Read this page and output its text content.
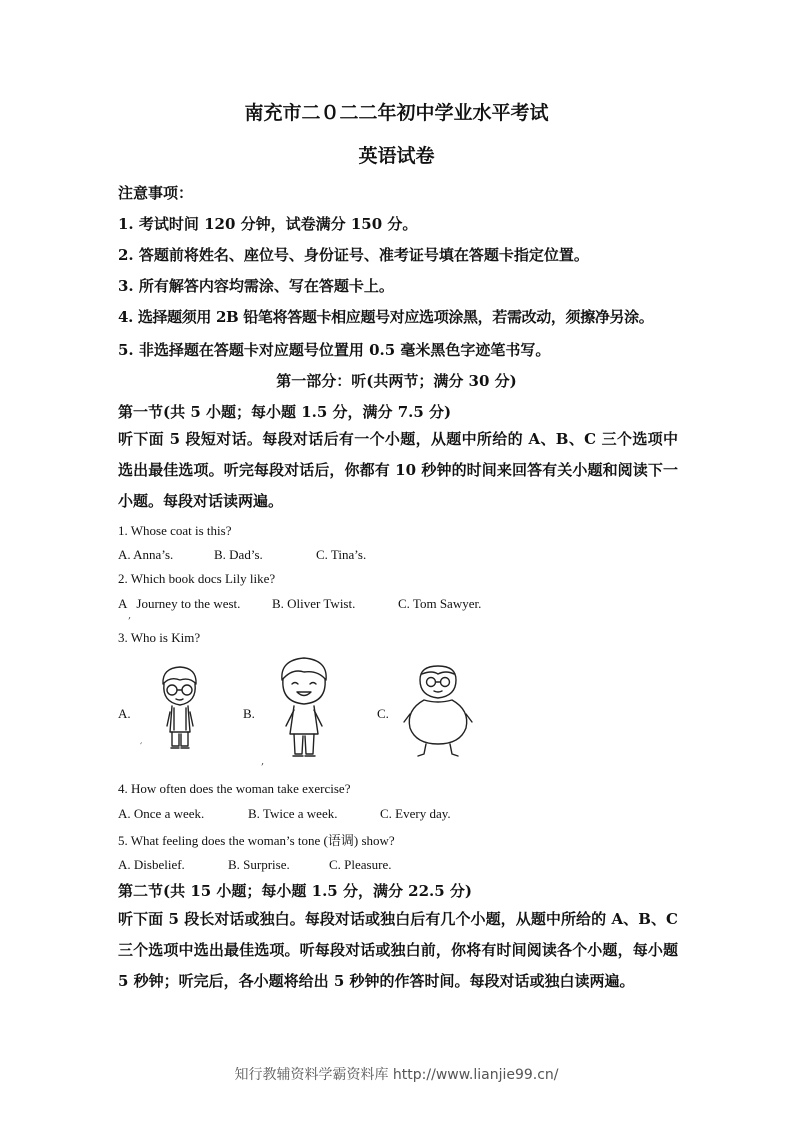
南充市二０二二年初中学业水平考试
英语试卷
注意事项：
1. 考试时间 120 分钟，试卷满分 150 分。
2. 答题前将姓名、座位号、身份证号、准考证号填在答题卡指定位置。
3. 所有解答内容均需涂、写在答题卡上。
4. 选择题须用 2B 铅笔将答题卡相应题号对应选项涂黑，若需改动，须擦净另涂。
5. 非选择题在答题卡对应题号位置用 0.5 毫米黑色字迹笔书写。
第一部分：听(共两节；满分 30 分)
第一节(共 5 小题；每小题 1.5 分，满分 7.5 分)
听下面 5 段短对话。每段对话后有一个小题，从题中所给的 A、B、C 三个选项中选出最佳选项。听完每段对话后，你都有 10 秒钟的时间来回答有关小题和阅读下一小题。每段对话读两遍。
1. Whose coat is this?
A. Anna’s.	B. Dad’s.	C. Tina’s.
2. Which book docs Lily like?
A   Journey to the west. B. Oliver Twist.	C. Tom Sawyer.
,
3. Who is Kim?
A.	B.	C.
′
,
4. How often does the woman take exercise?
A. Once a week.	B. Twice a week.	C. Every day.
5. What feeling does the woman’s tone (语调) show?
A. Disbelief.	B. Surprise.	C. Pleasure.
第二节(共 15 小题；每小题 1.5 分，满分 22.5 分)
听下面 5 段长对话或独白。每段对话或独白后有几个小题，从题中所给的 A、B、C 三个选项中选出最佳选项。听每段对话或独白前，你将有时间阅读各个小题，每小题 5 秒钟；听完后，各小题将给出 5 秒钟的作答时间。每段对话或独白读两遍。
知行教辅资料学霸资料库 http://www.lianjie99.cn/
